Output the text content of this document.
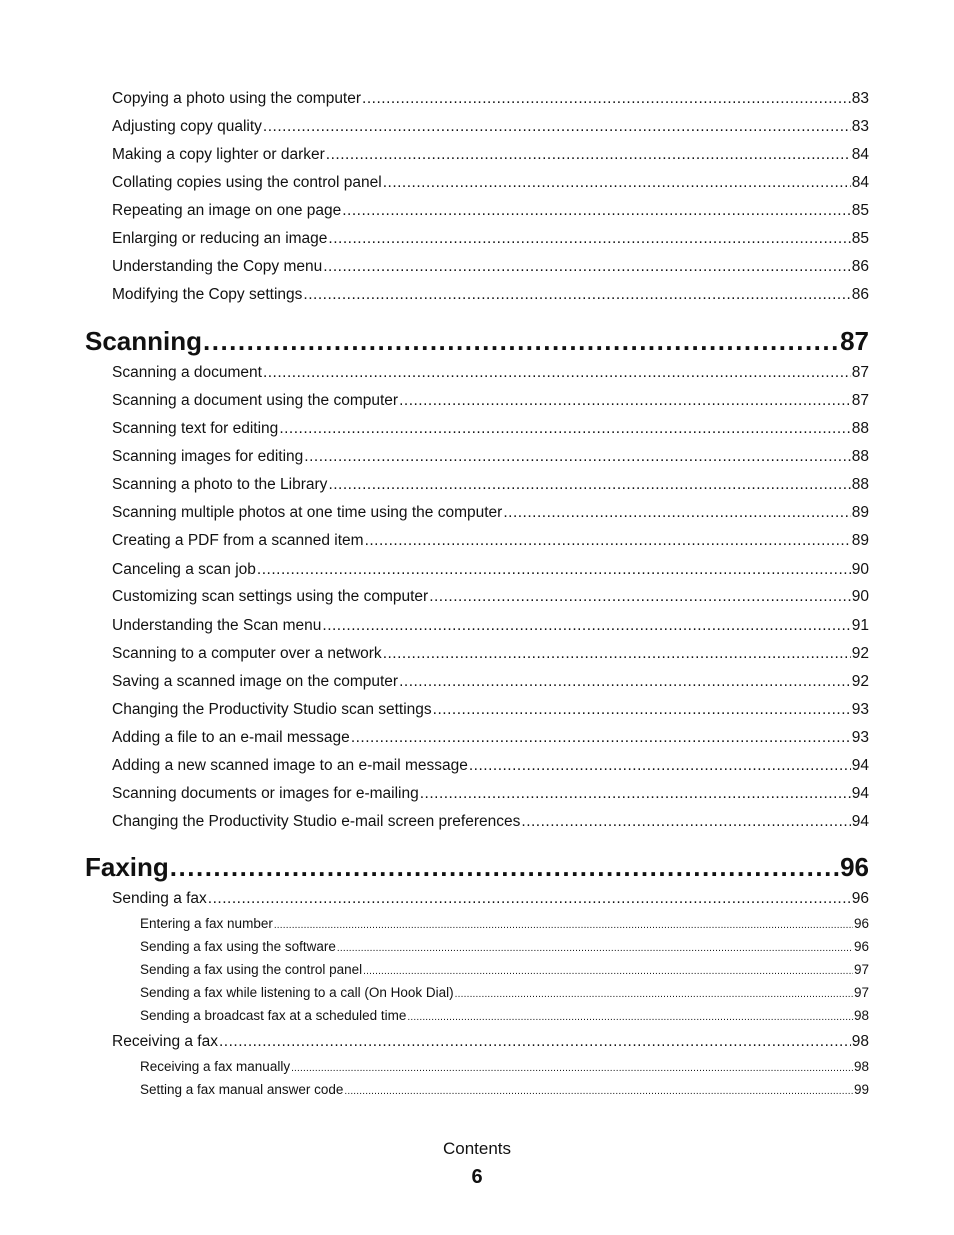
Copying a photo using the computer .....	83
Adjusting copy quality .....	83
Making a copy lighter or darker .....	84
Collating copies using the control panel .....	84
Repeating an image on one page .....	85
Enlarging or reducing an image .....	85
Understanding the Copy menu .....	86
Modifying the Copy settings .....	86
Scanning .....	87
Scanning a document .....	87
Scanning a document using the computer .....	87
Scanning text for editing .....	88
Scanning images for editing .....	88
Scanning a photo to the Library .....	88
Scanning multiple photos at one time using the computer .....	89
Creating a PDF from a scanned item .....	89
Canceling a scan job .....	90
Customizing scan settings using the computer .....	90
Understanding the Scan menu .....	91
Scanning to a computer over a network .....	92
Saving a scanned image on the computer .....	92
Changing the Productivity Studio scan settings .....	93
Adding a file to an e-mail message .....	93
Adding a new scanned image to an e-mail message .....	94
Scanning documents or images for e-mailing .....	94
Changing the Productivity Studio e-mail screen preferences .....	94
Faxing .....	96
Sending a fax .....	96
Entering a fax number .....	96
Sending a fax using the software .....	96
Sending a fax using the control panel .....	97
Sending a fax while listening to a call (On Hook Dial) .....	97
Sending a broadcast fax at a scheduled time .....	98
Receiving a fax .....	98
Receiving a fax manually .....	98
Setting a fax manual answer code .....	99
Contents
6
